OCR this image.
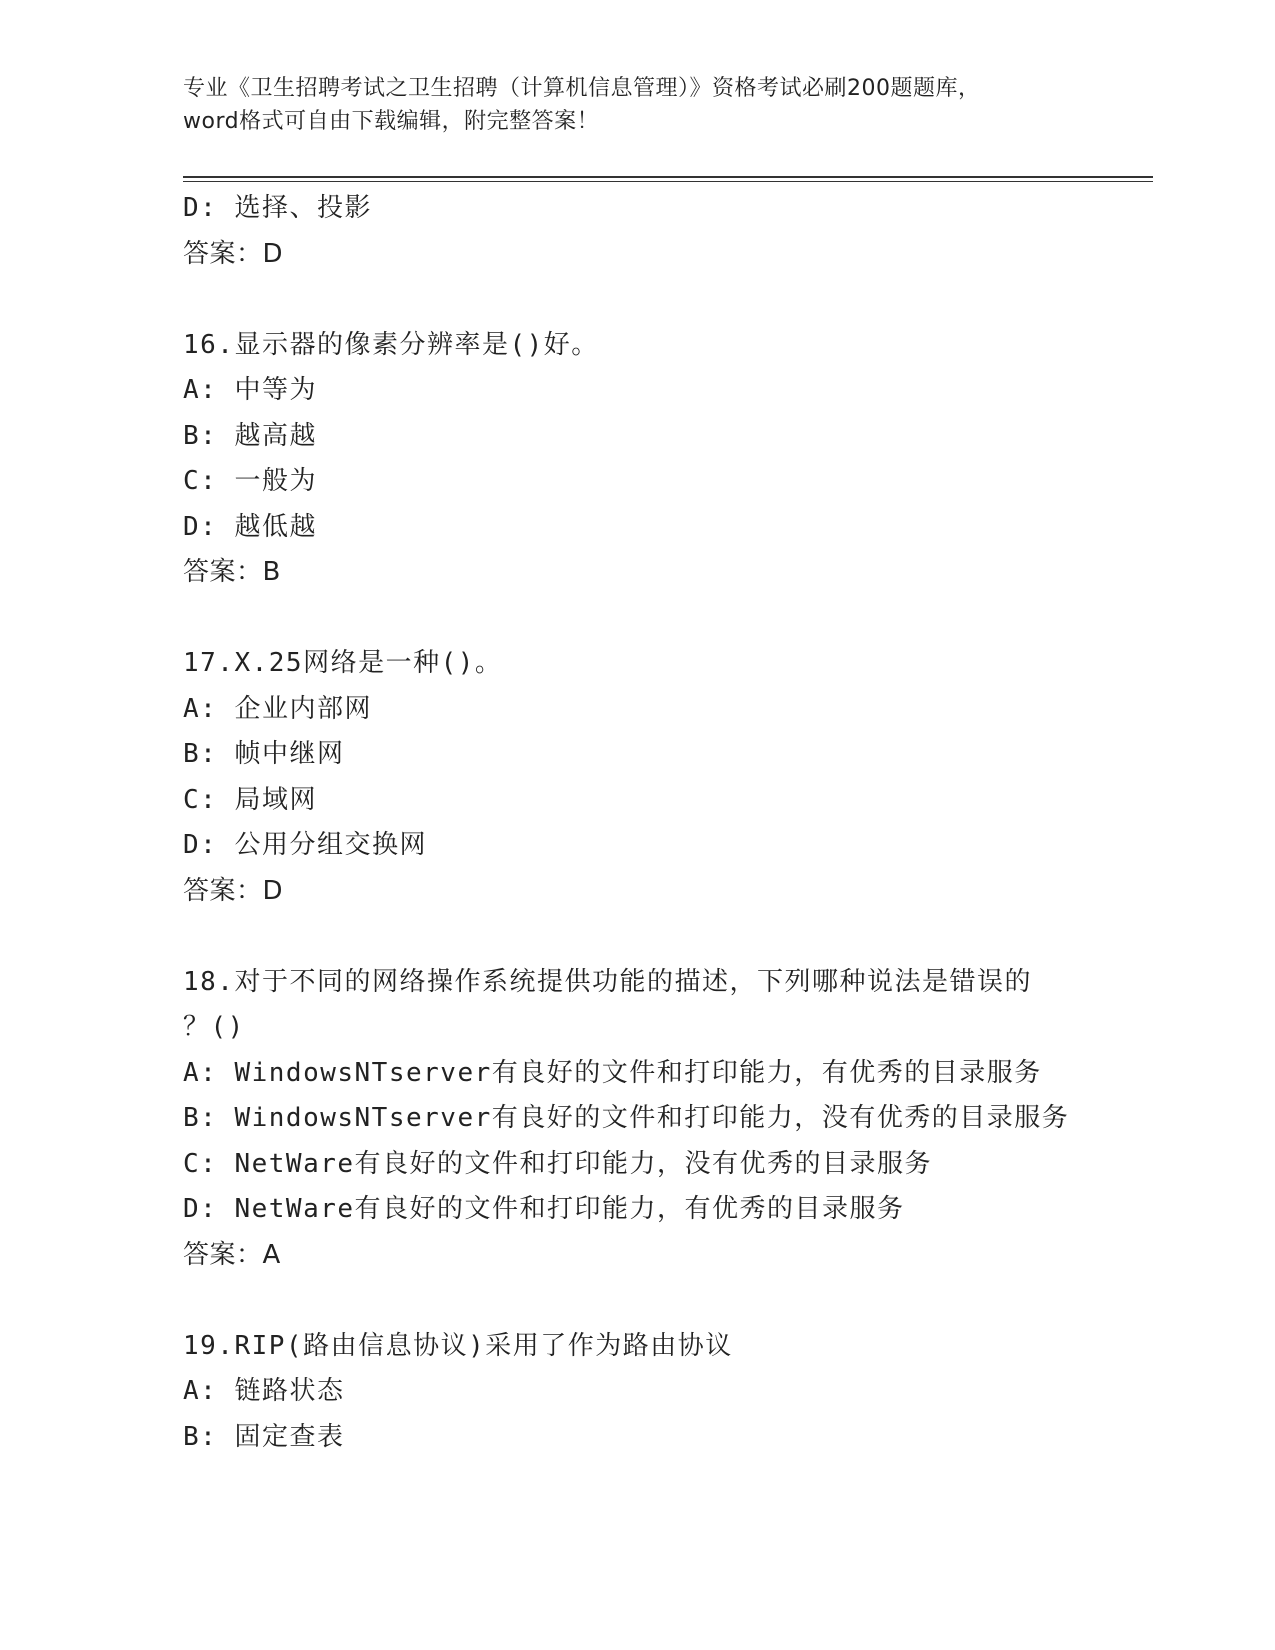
专业《卫生招聘考试之卫生招聘（计算机信息管理）》资格考试必刷200题题库，
word格式可自由下载编辑，附完整答案！
D: 选择、投影
答案：D
16.显示器的像素分辨率是()好。
A: 中等为
B: 越高越
C: 一般为
D: 越低越
答案：B
17.X.25网络是一种()。
A: 企业内部网
B: 帧中继网
C: 局域网
D: 公用分组交换网
答案：D
18.对于不同的网络操作系统提供功能的描述，下列哪种说法是错误的
？()
A: WindowsNTserver有良好的文件和打印能力，有优秀的目录服务
B: WindowsNTserver有良好的文件和打印能力，没有优秀的目录服务
C: NetWare有良好的文件和打印能力，没有优秀的目录服务
D: NetWare有良好的文件和打印能力，有优秀的目录服务
答案：A
19.RIP(路由信息协议)采用了作为路由协议
A: 链路状态
B: 固定查表
